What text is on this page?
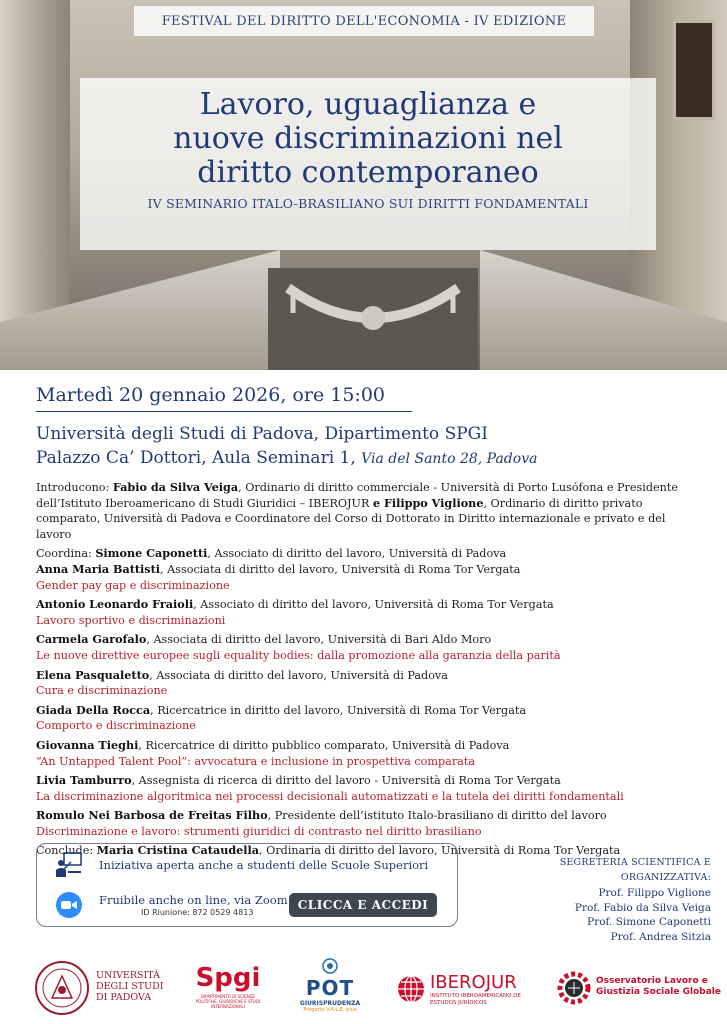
FESTIVAL DEL DIRITTO DELL'ECONOMIA - IV EDIZIONE
Lavoro, uguaglianza e
nuove discriminazioni nel
diritto contemporaneo
IV SEMINARIO ITALO-BRASILIANO SUI DIRITTI FONDAMENTALI
Martedì 20 gennaio 2026, ore 15:00
Università degli Studi di Padova, Dipartimento SPGI
Palazzo Ca’ Dottori, Aula Seminari 1, Via del Santo 28, Padova

Introducono: Fabio da Silva Veiga, Ordinario di diritto commerciale - Università di Porto Lusófona e Presidente dell’Istituto Iberoamericano di Studi Giuridici – IBEROJUR e Filippo Viglione, Ordinario di diritto privato comparato, Università di Padova e Coordinatore del Corso di Dottorato in Diritto internazionale e privato e del lavoro

Coordina: Simone Caponetti, Associato di diritto del lavoro, Università di Padova

Anna Maria Battisti, Associata di diritto del lavoro, Università di Roma Tor Vergata

Gender pay gap e discriminazione

Antonio Leonardo Fraioli, Associato di diritto del lavoro, Università di Roma Tor Vergata

Lavoro sportivo e discriminazioni

Carmela Garofalo, Associata di diritto del lavoro, Università di Bari Aldo Moro

Le nuove direttive europee sugli equality bodies: dalla promozione alla garanzia della parità

Elena Pasqualetto, Associata di diritto del lavoro, Università di Padova

Cura e discriminazione

Giada Della Rocca, Ricercatrice in diritto del lavoro, Università di Roma Tor Vergata

Comporto e discriminazione

Giovanna Tieghi, Ricercatrice di diritto pubblico comparato, Università di Padova

“An Untapped Talent Pool”: avvocatura e inclusione in prospettiva comparata

Livia Tamburro, Assegnista di ricerca di diritto del lavoro - Università di Roma Tor Vergata

La discriminazione algoritmica nei processi decisionali automatizzati e la tutela dei diritti fondamentali

Romulo Nei Barbosa de Freitas Filho, Presidente dell’istituto Italo-brasiliano di diritto del lavoro

Discriminazione e lavoro: strumenti giuridici di contrasto nel diritto brasiliano

Conclude: Maria Cristina Cataudella, Ordinaria di diritto del lavoro, Università di Roma Tor Vergata

Iniziativa aperta anche a studenti delle Scuole Superiori
Fruibile anche on line, via Zoom
ID Riunione: 872 0529 4813
CLICCA E ACCEDI
SEGRETERIA SCIENTIFICA E ORGANIZZATIVA:
Prof. Filippo Viglione
Prof. Fabio da Silva Veiga
Prof. Simone Caponetti
Prof. Andrea Sitzia
UNIVERSITÀ
DEGLI STUDI
DI PADOVA
Spgi
DIPARTIMENTO DI SCIENZE POLITICHE, GIURIDICHE E STUDI INTERNAZIONALI
POT
GIURISPRUDENZA
Progetto V.A.L.E.-plus
IBEROJUR
INSTITUTO IBEROAMERICANO DE ESTUDOS JURÍDICOS
Osservatorio Lavoro e
Giustizia Sociale Globale
